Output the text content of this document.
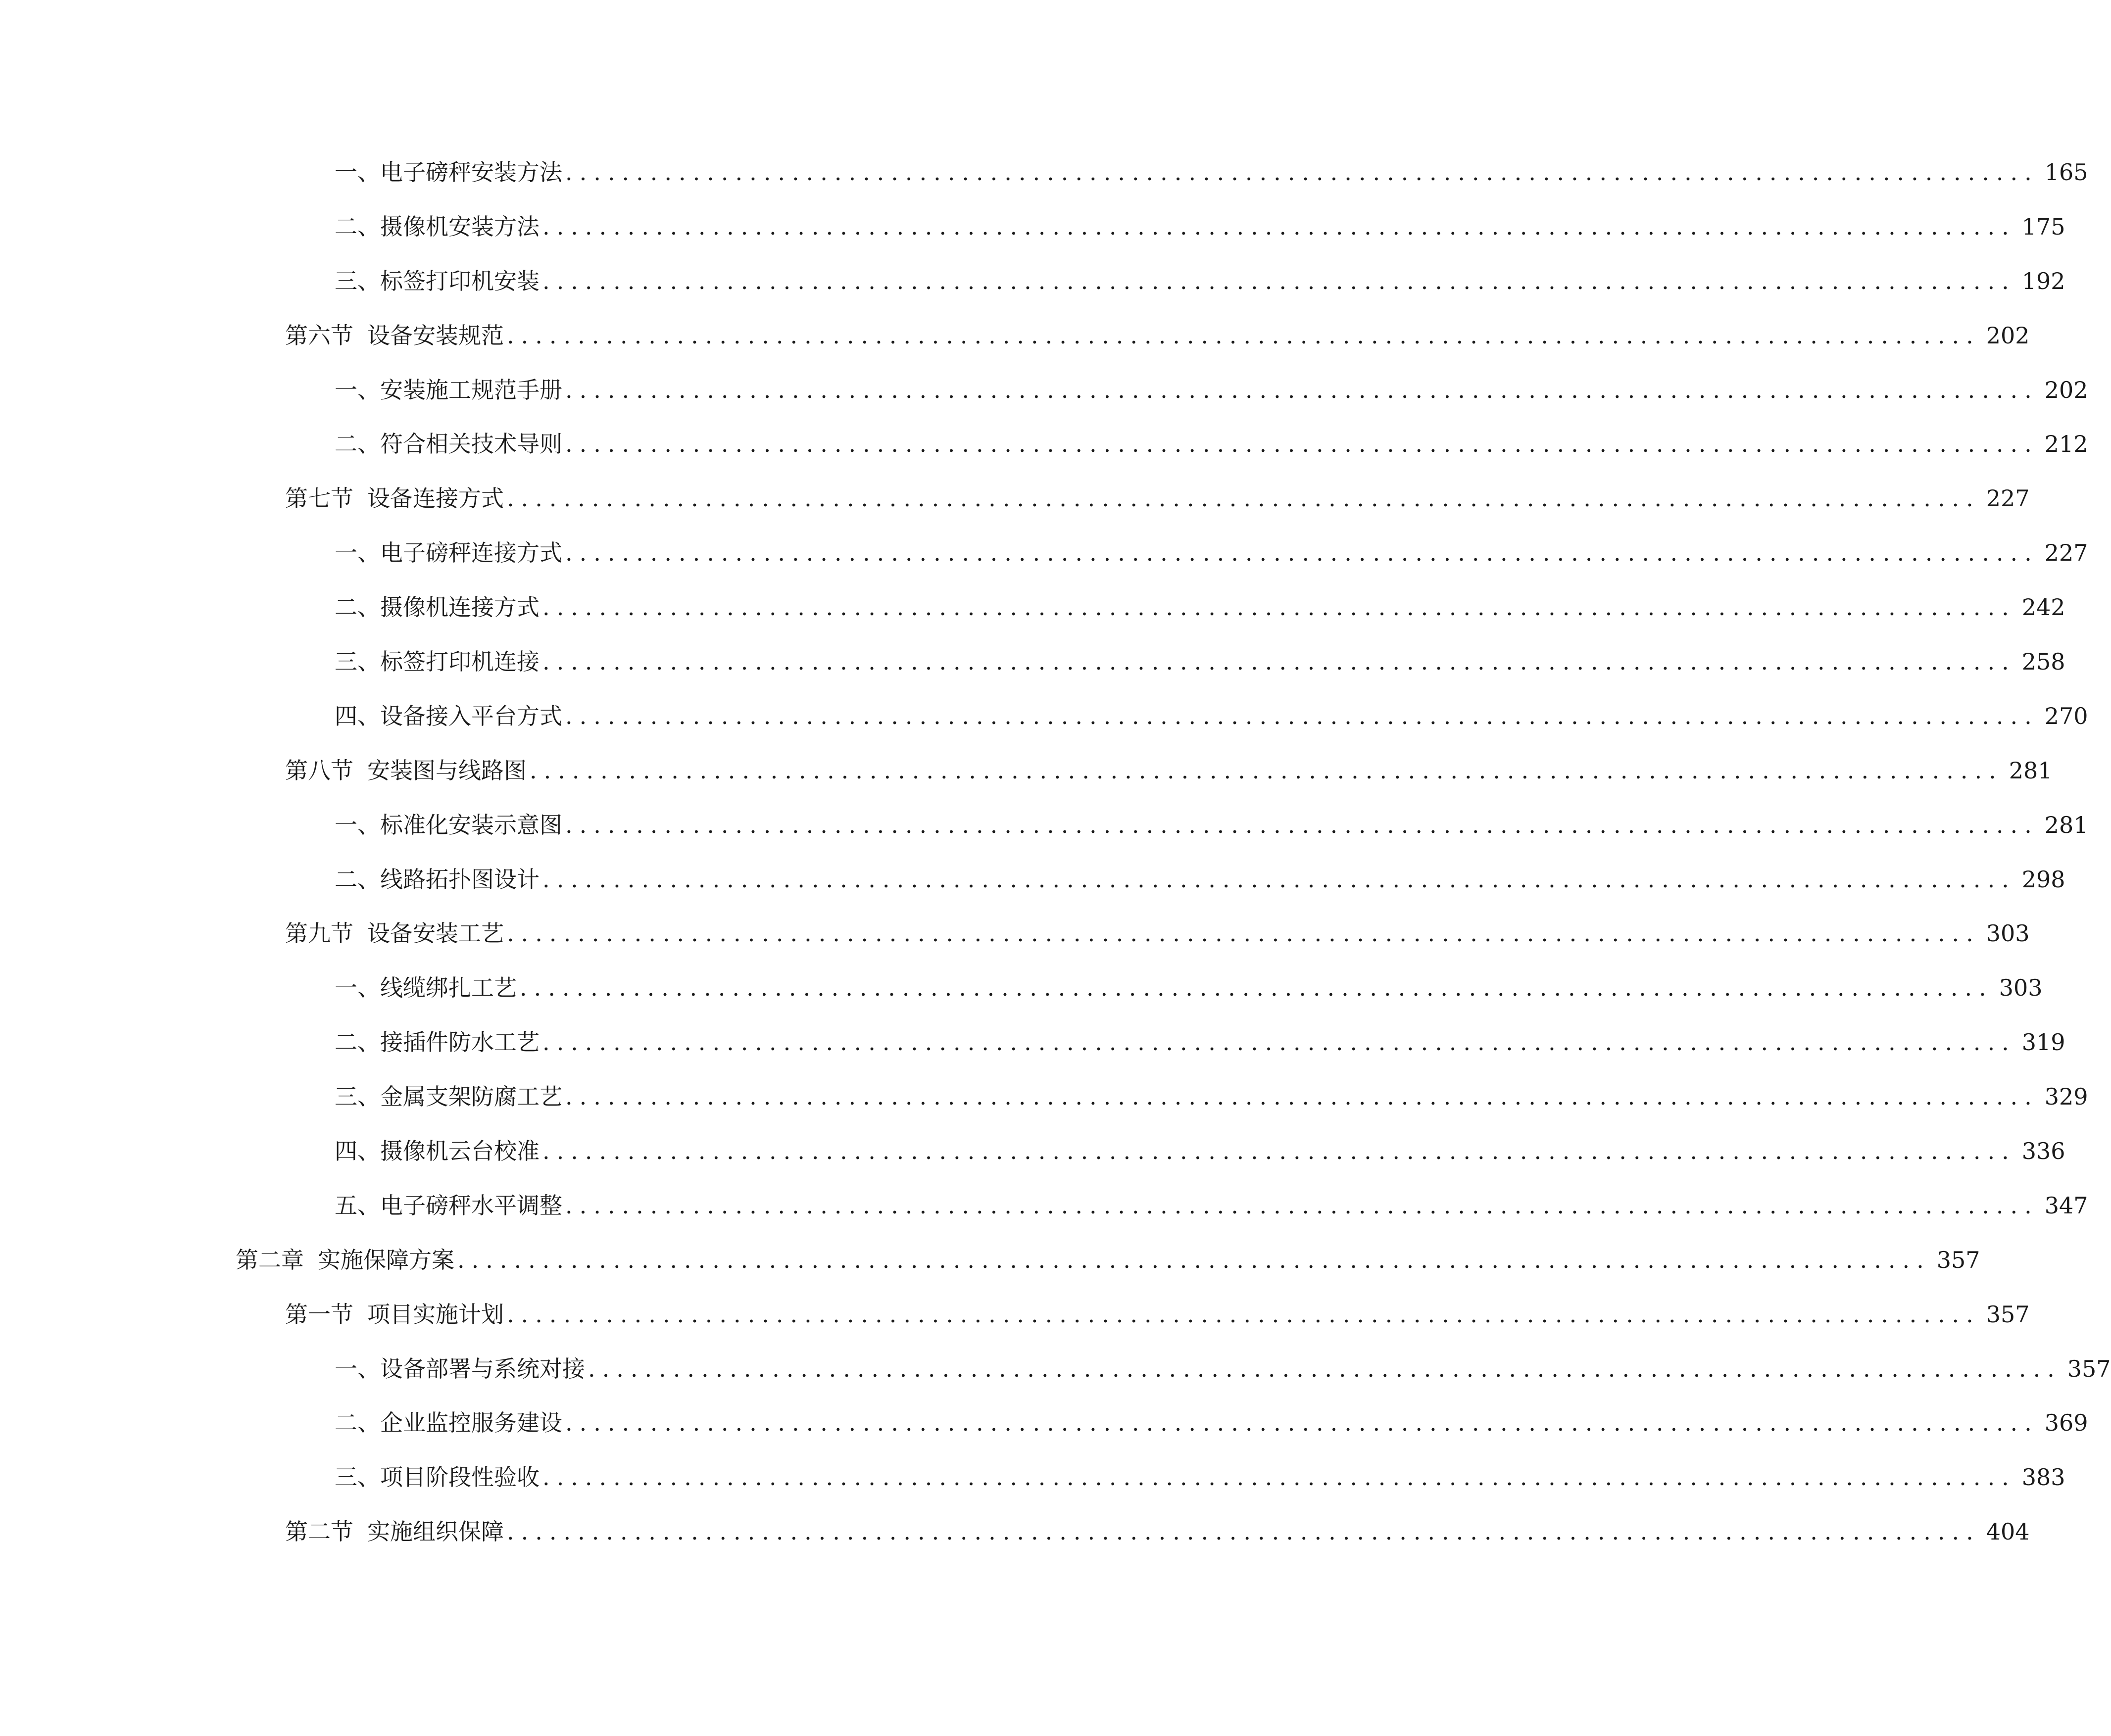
一、 电子磅秤安装方法 ........................................................................................................ 165
二、 摄像机安装方法 ........................................................................................................ 175
三、 标签打印机安装 ........................................................................................................ 192
第六节 设备安装规范 ........................................................................................................ 202
一、 安装施工规范手册 ........................................................................................................ 202
二、 符合相关技术导则 ........................................................................................................ 212
第七节 设备连接方式 ........................................................................................................ 227
一、 电子磅秤连接方式 ........................................................................................................ 227
二、 摄像机连接方式 ........................................................................................................ 242
三、 标签打印机连接 ........................................................................................................ 258
四、 设备接入平台方式 ........................................................................................................ 270
第八节 安装图与线路图 ........................................................................................................ 281
一、 标准化安装示意图 ........................................................................................................ 281
二、 线路拓扑图设计 ........................................................................................................ 298
第九节 设备安装工艺 ........................................................................................................ 303
一、 线缆绑扎工艺 ........................................................................................................ 303
二、 接插件防水工艺 ........................................................................................................ 319
三、 金属支架防腐工艺 ........................................................................................................ 329
四、 摄像机云台校准 ........................................................................................................ 336
五、 电子磅秤水平调整 ........................................................................................................ 347
第二章 实施保障方案 ........................................................................................................ 357
第一节 项目实施计划 ........................................................................................................ 357
一、 设备部署与系统对接 ........................................................................................................ 357
二、 企业监控服务建设 ........................................................................................................ 369
三、 项目阶段性验收 ........................................................................................................ 383
第二节 实施组织保障 ........................................................................................................ 404
